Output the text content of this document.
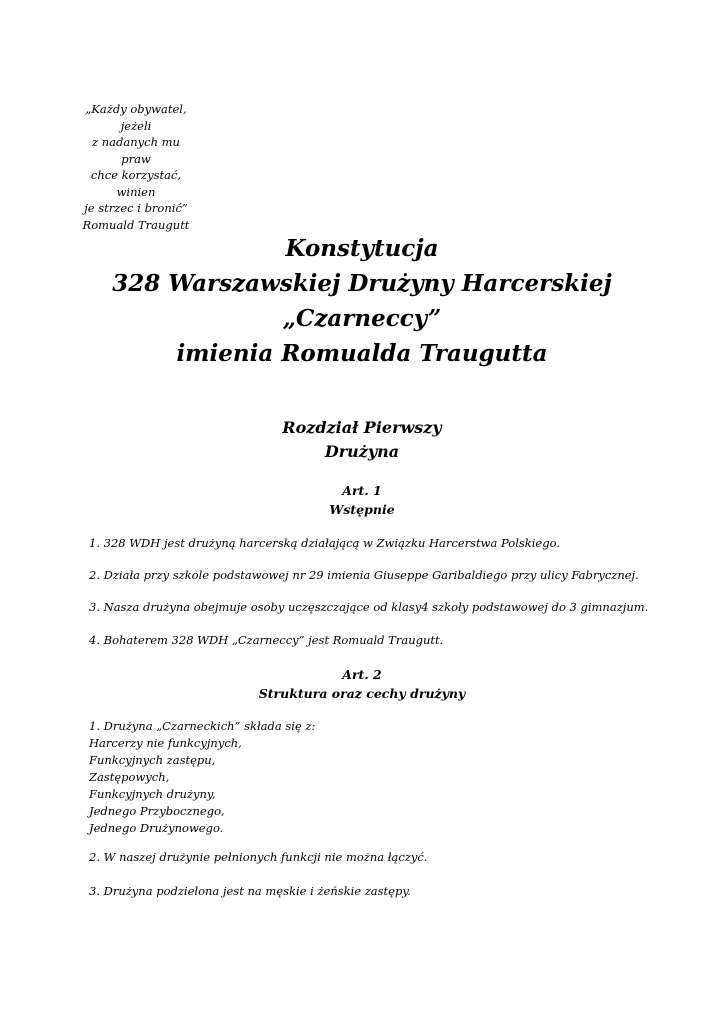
„Każdy obywatel, jeżeli
z nadanych mu praw
chce korzystać, winien
je strzec i bronić”
Romuald Traugutt
Konstytucja
328 Warszawskiej Drużyny Harcerskiej
„Czarneccy”
imienia Romualda Traugutta
Rozdział Pierwszy
Drużyna
Art. 1
Wstępnie
1. 328 WDH jest drużyną harcerską działającą w Związku Harcerstwa Polskiego.
2. Działa przy szkole podstawowej nr 29 imienia Giuseppe Garibaldiego przy ulicy Fabrycznej.
3. Nasza drużyna obejmuje osoby uczęszczające od klasy4 szkoły podstawowej do 3 gimnazjum.
4. Bohaterem 328 WDH „Czarneccy” jest Romuald Traugutt.
Art. 2
Struktura oraz cechy drużyny
1. Drużyna „Czarneckich” składa się z:
Harcerzy nie funkcyjnych,
Funkcyjnych zastępu,
Zastępowych,
Funkcyjnych drużyny,
Jednego Przybocznego,
Jednego Drużynowego.
2. W naszej drużynie pełnionych funkcji nie można łączyć.
3. Drużyna podzielona jest na męskie i żeńskie zastępy.
